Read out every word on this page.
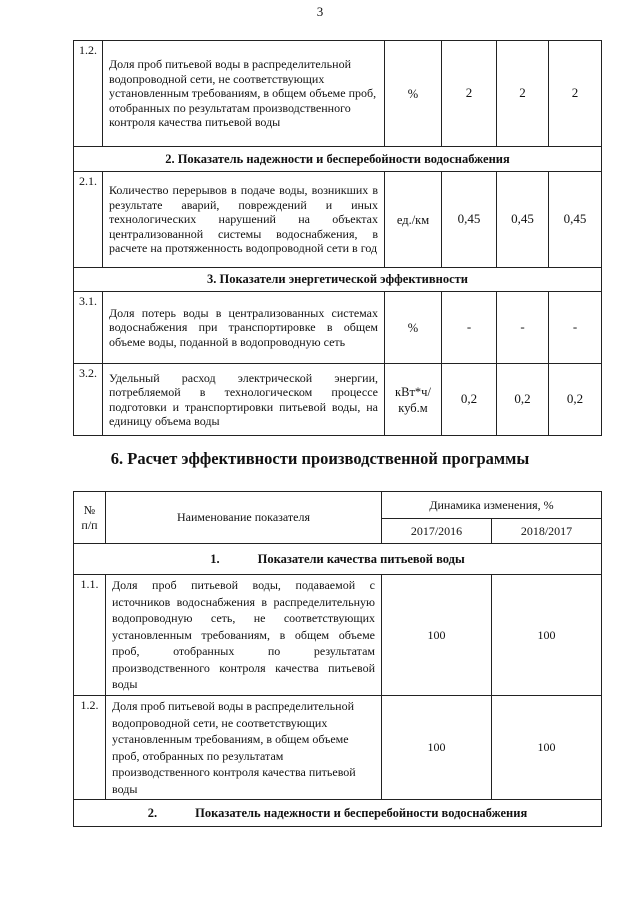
3
1.2.	Доля проб питьевой воды в распределительной водопроводной сети, не соответствующих установленным требованиям, в общем объеме проб, отобранных по результатам производственного контроля качества питьевой воды	%	2	2	2
2. Показатель надежности и бесперебойности водоснабжения					
2.1.	Количество перерывов в подаче воды, возникших в результате аварий, повреждений и иных технологических нарушений на объектах централизованной системы водоснабжения, в расчете на протяженность водопроводной сети в год	ед./км	0,45	0,45	0,45
3. Показатели энергетической эффективности					
3.1.	Доля потерь воды в централизованных системах водоснабжения при транспортировке в общем объеме воды, поданной в водопроводную сеть	%	-	-	-
3.2.	Удельный расход электрической энергии, потребляемой в технологическом процессе подготовки и транспортировки питьевой воды, на единицу объема воды	кВт*ч/ куб.м	0,2	0,2	0,2
6. Расчет эффективности производственной программы
№ п/п	Наименование показателя	Динамика изменения, %	
		2017/2016	2018/2017
1. Показатели качества питьевой воды			
1.1.	Доля проб питьевой воды, подаваемой с источников водоснабжения в распределительную водопроводную сеть, не соответствующих установленным требованиям, в общем объеме проб, отобранных по результатам производственного контроля качества питьевой воды	100	100
1.2.	Доля проб питьевой воды в распределительной водопроводной сети, не соответствующих установленным требованиям, в общем объеме проб, отобранных по результатам производственного контроля качества питьевой воды	100	100
2. Показатель надежности и бесперебойности водоснабжения			
